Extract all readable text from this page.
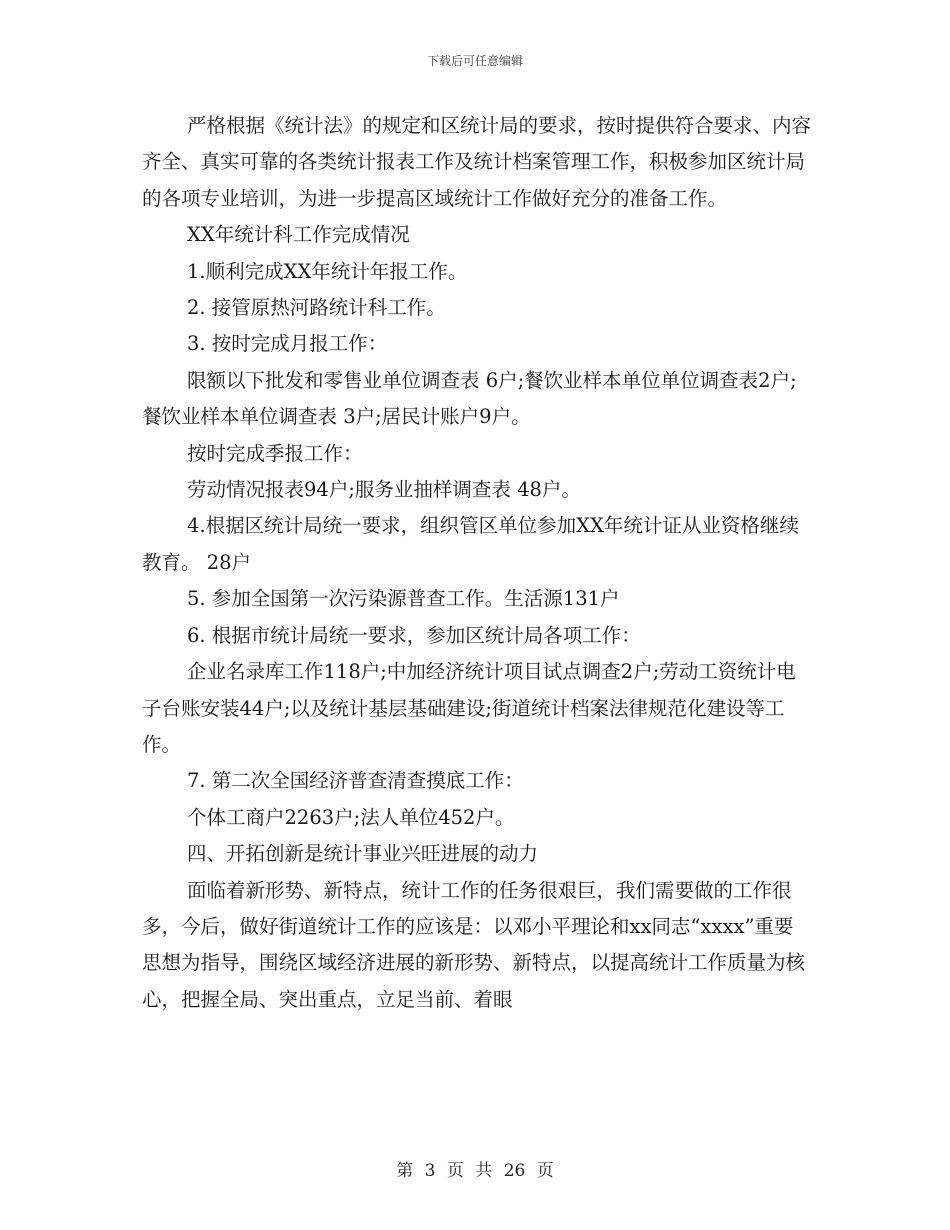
下载后可任意编辑

严格根据《统计法》的规定和区统计局的要求，按时提供符合要求、内容齐全、真实可靠的各类统计报表工作及统计档案管理工作，积极参加区统计局的各项专业培训，为进一步提高区域统计工作做好充分的准备工作。

XX年统计科工作完成情况

1.顺利完成XX年统计年报工作。

2. 接管原热河路统计科工作。

3. 按时完成月报工作：

限额以下批发和零售业单位调查表 6户;餐饮业样本单位单位调查表2户;餐饮业样本单位调查表 3户;居民计账户9户。

按时完成季报工作：

劳动情况报表94户;服务业抽样调查表 48户。

4.根据区统计局统一要求，组织管区单位参加XX年统计证从业资格继续教育。 28户

5. 参加全国第一次污染源普查工作。生活源131户

6. 根据市统计局统一要求，参加区统计局各项工作：

企业名录库工作118户;中加经济统计项目试点调查2户;劳动工资统计电子台账安装44户;以及统计基层基础建设;街道统计档案法律规范化建设等工作。

7. 第二次全国经济普查清查摸底工作：

个体工商户2263户;法人单位452户。

四、开拓创新是统计事业兴旺进展的动力

面临着新形势、新特点，统计工作的任务很艰巨，我们需要做的工作很多，今后，做好街道统计工作的应该是：以邓小平理论和xx同志“xxxx”重要思想为指导，围绕区域经济进展的新形势、新特点，以提高统计工作质量为核心，把握全局、突出重点，立足当前、着眼

第 3 页 共 26 页
